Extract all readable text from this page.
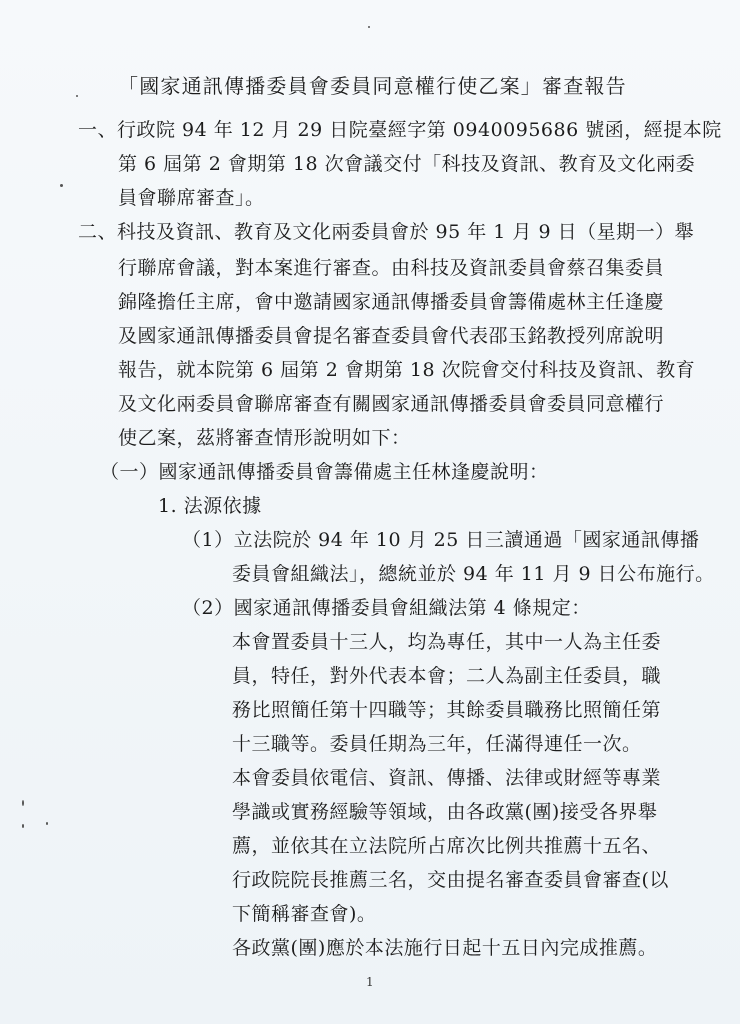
「國家通訊傳播委員會委員同意權行使乙案」審查報告
一、行政院 94 年 12 月 29 日院臺經字第 0940095686 號函，經提本院
第 6 屆第 2 會期第 18 次會議交付「科技及資訊、教育及文化兩委
員會聯席審查」。
二、科技及資訊、教育及文化兩委員會於 95 年 1 月 9 日（星期一）舉
行聯席會議，對本案進行審查。由科技及資訊委員會蔡召集委員
錦隆擔任主席，會中邀請國家通訊傳播委員會籌備處林主任逢慶
及國家通訊傳播委員會提名審查委員會代表邵玉銘教授列席說明
報告，就本院第 6 屆第 2 會期第 18 次院會交付科技及資訊、教育
及文化兩委員會聯席審查有關國家通訊傳播委員會委員同意權行
使乙案，茲將審查情形說明如下：
（一）國家通訊傳播委員會籌備處主任林逢慶說明：
1. 法源依據
（1）立法院於 94 年 10 月 25 日三讀通過「國家通訊傳播
委員會組織法」，總統並於 94 年 11 月 9 日公布施行。
（2）國家通訊傳播委員會組織法第 4 條規定：
本會置委員十三人，均為專任，其中一人為主任委
員，特任，對外代表本會；二人為副主任委員，職
務比照簡任第十四職等；其餘委員職務比照簡任第
十三職等。委員任期為三年，任滿得連任一次。
本會委員依電信、資訊、傳播、法律或財經等專業
學識或實務經驗等領域，由各政黨(團)接受各界舉
薦，並依其在立法院所占席次比例共推薦十五名、
行政院院長推薦三名，交由提名審查委員會審查(以
下簡稱審查會)。
各政黨(團)應於本法施行日起十五日內完成推薦。
1
